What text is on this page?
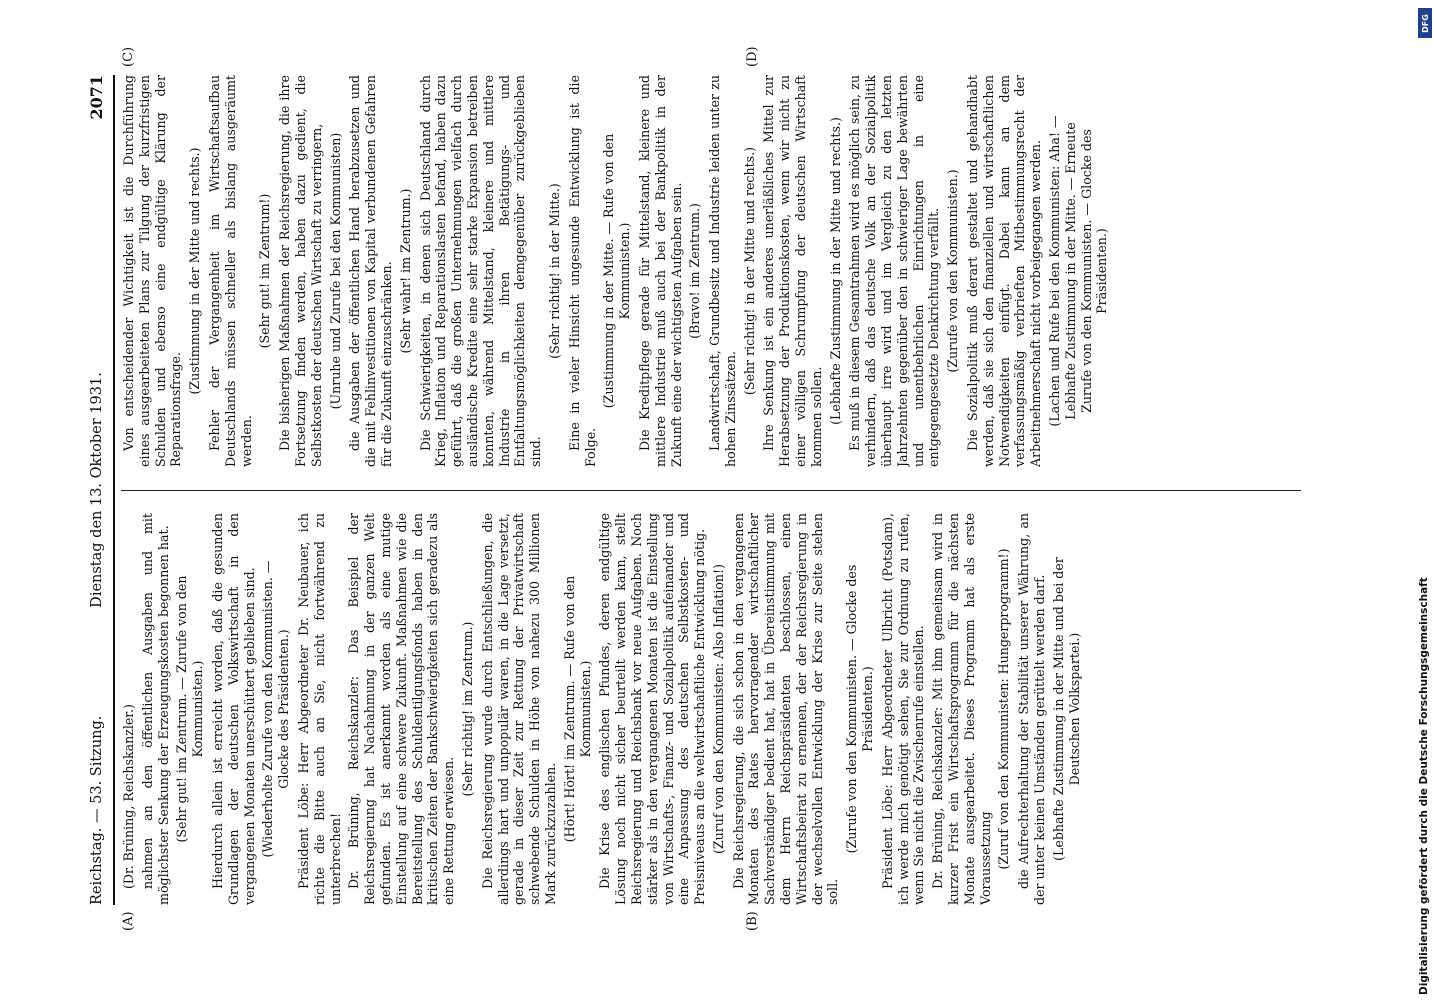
Reichstag. — 53. Sitzung.
Dienstag den 13. Oktober 1931.
2071
(A)	(B)
(C)	(D)

(Dr. Brüning, Reichskanzler.) nahmen an den öffentlichen Ausgaben und mit möglichster Senkung der Erzeugungskosten begonnen hat. (Sehr gut! im Zentrum. — Zurufe von den Kommunisten.) Hierdurch allein ist erreicht worden, daß die gesunden Grundlagen der deutschen Volkswirtschaft in den vergangenen Monaten unerschüttert geblieben sind. (Wiederholte Zurufe von den Kommunisten. — Glocke des Präsidenten.) Präsident Löbe: Herr Abgeordneter Dr. Neubauer, ich richte die Bitte auch an Sie, nicht fortwährend zu unterbrechen! Dr. Brüning, Reichskanzler: Das Beispiel der Reichsregierung hat Nachahmung in der ganzen Welt gefunden. Es ist anerkannt worden als eine mutige Einstellung auf eine schwere Zukunft. Maßnahmen wie die Bereitstellung des Schuldentilgungsfonds haben in den kritischen Zeiten der Bankschwierigkeiten sich geradezu als eine Rettung erwiesen.

(Sehr richtig! im Zentrum.) Die Reichsregierung wurde durch Entschließungen, die allerdings hart und unpopulär waren, in die Lage versetzt, gerade in dieser Zeit zur Rettung der Privatwirtschaft schwebende Schulden in Höhe von nahezu 300 Millionen Mark zurückzuzahlen. (Hört! Hört! im Zentrum. — Rufe von den Kommunisten.) Die Krise des englischen Pfundes, deren endgültige Lösung noch nicht sicher beurteilt werden kann, stellt Reichsregierung und Reichsbank vor neue Aufgaben. Noch stärker als in den vergangenen Monaten ist die Einstellung von Wirtschafts-, Finanz- und Sozialpolitik aufeinander und eine Anpassung des deutschen Selbstkosten- und Preisniveaus an die weltwirtschaftliche Entwicklung nötig. (Zuruf von den Kommunisten: Also Inflation!) Die Reichsregierung, die sich schon in den vergangenen Monaten des Rates hervorragender wirtschaftlicher Sachverständiger bedient hat, hat in Übereinstimmung mit dem Herrn Reichspräsidenten beschlossen, einen Wirtschaftsbeirat zu ernennen, der der Reichsregierung in der wechselvollen Entwicklung der Krise zur Seite stehen soll.

(Zurufe von den Kommunisten. — Glocke des Präsidenten.) Präsident Löbe: Herr Abgeordneter Ulbricht (Potsdam), ich werde mich genötigt sehen, Sie zur Ordnung zu rufen, wenn Sie nicht die Zwischenrufe einstellen. Dr. Brüning, Reichskanzler: Mit ihm gemeinsam wird in kurzer Frist ein Wirtschaftsprogramm für die nächsten Monate ausgearbeitet. Dieses Programm hat als erste Voraussetzung (Zuruf von den Kommunisten: Hungerprogramm!) die Aufrechterhaltung der Stabilität unserer Währung, an der unter keinen Umständen gerüttelt werden darf. (Lebhafte Zustimmung in der Mitte und bei der Deutschen Volkspartei.)

Von entscheidender Wichtigkeit ist die Durchführung eines ausgearbeiteten Plans zur Tilgung der kurzfristigen Schulden und ebenso eine endgültige Klärung der Reparationsfrage.

(Zustimmung in der Mitte und rechts.) Fehler der Vergangenheit im Wirtschaftsaufbau Deutschlands müssen schneller als bislang ausgeräumt werden.

(Sehr gut! im Zentrum!) Die bisherigen Maßnahmen der Reichsregierung, die ihre Fortsetzung finden werden, haben dazu gedient, die Selbstkosten der deutschen Wirtschaft zu verringern, (Unruhe und Zurufe bei den Kommunisten) die Ausgaben der öffentlichen Hand herabzusetzen und die mit Fehlinvestitionen von Kapital verbundenen Gefahren für die Zukunft einzuschränken. (Sehr wahr! im Zentrum.) Die Schwierigkeiten, in denen sich Deutschland durch Krieg, Inflation und Reparationslasten befand, haben dazu geführt, daß die großen Unternehmungen vielfach durch ausländische Kredite eine sehr starke Expansion betreiben konnten, während Mittelstand, kleinere und mittlere Industrie in ihren Betätigungs- und Entfaltungsmöglichkeiten demgegenüber zurückgeblieben sind.

(Sehr richtig! in der Mitte.) Eine in vieler Hinsicht ungesunde Entwicklung ist die Folge.

(Zustimmung in der Mitte. — Rufe von den Kommunisten.) Die Kreditpflege gerade für Mittelstand, kleinere und mittlere Industrie muß auch bei der Bankpolitik in der Zukunft eine der wichtigsten Aufgaben sein. (Bravo! im Zentrum.) Landwirtschaft, Grundbesitz und Industrie leiden unter zu hohen Zinssätzen.

(Sehr richtig! in der Mitte und rechts.) Ihre Senkung ist ein anderes unerläßliches Mittel zur Herabsetzung der Produktionskosten, wenn wir nicht zu einer völligen Schrumpfung der deutschen Wirtschaft kommen sollen. (Lebhafte Zustimmung in der Mitte und rechts.) Es muß in diesem Gesamtrahmen wird es möglich sein, zu verhindern, daß das deutsche Volk an der Sozialpolitik überhaupt irre wird und im Vergleich zu den letzten Jahrzehnten gegenüber den in schwieriger Lage bewährten und unentbehrlichen Einrichtungen in eine entgegengesetzte Denkrichtung verfällt. (Zurufe von den Kommunisten.) Die Sozialpolitik muß derart gestaltet und gehandhabt werden, daß sie sich den finanziellen und wirtschaftlichen Notwendigkeiten einfügt. Dabei kann an dem verfassungsmäßig verbrieften Mitbestimmungsrecht der Arbeitnehmerschaft nicht vorbeigegangen werden. (Lachen und Rufe bei den Kommunisten: Aha! — Lebhafte Zustimmung in der Mitte. — Erneute Zurufe von den Kommunisten. — Glocke des Präsidenten.)

Digitalisierung gefördert durch die Deutsche Forschungsgemeinschaft
DFG
